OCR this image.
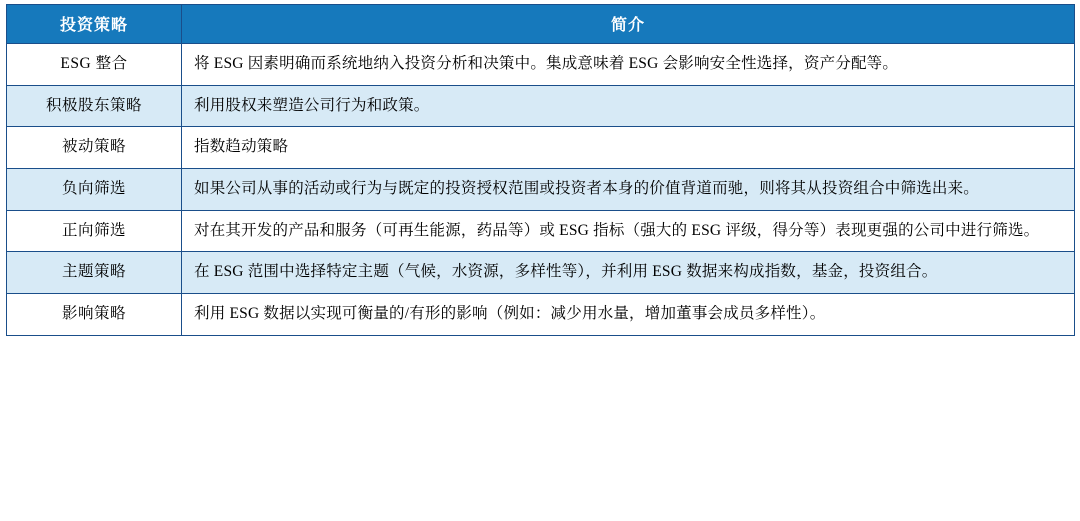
投资策略	简介
ESG 整合	将 ESG 因素明确而系统地纳入投资分析和决策中。集成意味着 ESG 会影响安全性选择，资产分配等。
积极股东策略	利用股权来塑造公司行为和政策。
被动策略	指数趋动策略
负向筛选	如果公司从事的活动或行为与既定的投资授权范围或投资者本身的价值背道而驰，则将其从投资组合中筛选出来。
正向筛选	对在其开发的产品和服务（可再生能源，药品等）或 ESG 指标（强大的 ESG 评级，得分等）表现更强的公司中进行筛选。
主题策略	在 ESG 范围中选择特定主题（气候，水资源，多样性等），并利用 ESG 数据来构成指数，基金，投资组合。
影响策略	利用 ESG 数据以实现可衡量的/有形的影响（例如：减少用水量，增加董事会成员多样性）。
